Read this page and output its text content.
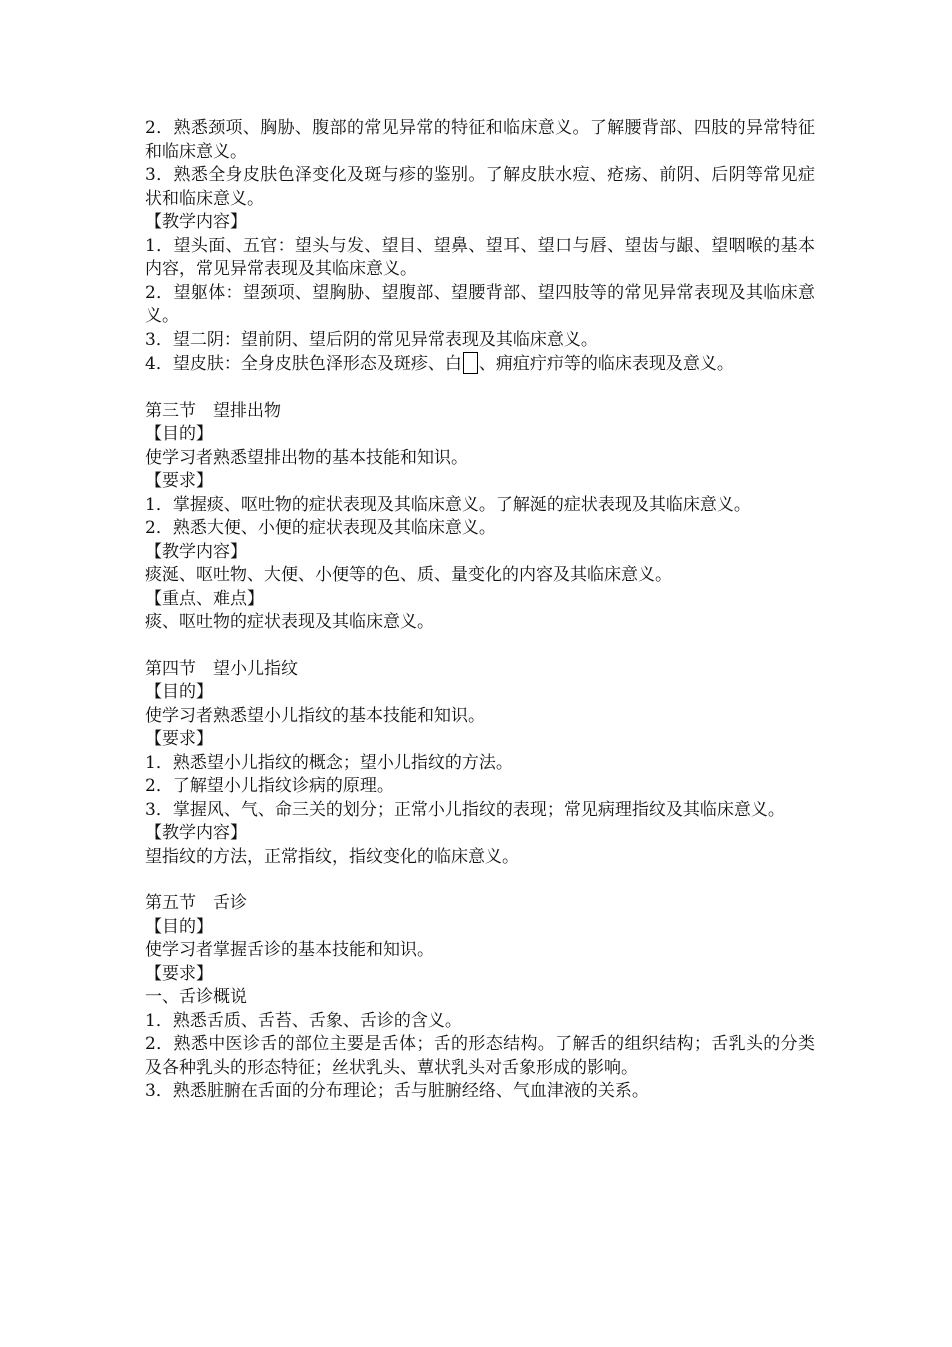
2．熟悉颈项、胸胁、腹部的常见异常的特征和临床意义。了解腰背部、四肢的异常特征和临床意义。
3．熟悉全身皮肤色泽变化及斑与疹的鉴别。了解皮肤水痘、疮疡、前阴、后阴等常见症状和临床意义。
【教学内容】
1．望头面、五官：望头与发、望目、望鼻、望耳、望口与唇、望齿与龈、望咽喉的基本内容，常见异常表现及其临床意义。
2．望躯体：望颈项、望胸胁、望腹部、望腰背部、望四肢等的常见异常表现及其临床意义。
3．望二阴：望前阴、望后阴的常见异常表现及其临床意义。
4．望皮肤：全身皮肤色泽形态及斑疹、白 、痈疽疔疖等的临床表现及意义。
第三节　望排出物
【目的】
使学习者熟悉望排出物的基本技能和知识。
【要求】
1．掌握痰、呕吐物的症状表现及其临床意义。了解涎的症状表现及其临床意义。
2．熟悉大便、小便的症状表现及其临床意义。
【教学内容】
痰涎、呕吐物、大便、小便等的色、质、量变化的内容及其临床意义。
【重点、难点】
痰、呕吐物的症状表现及其临床意义。
第四节　望小儿指纹
【目的】
使学习者熟悉望小儿指纹的基本技能和知识。
【要求】
1．熟悉望小儿指纹的概念；望小儿指纹的方法。
2．了解望小儿指纹诊病的原理。
3．掌握风、气、命三关的划分；正常小儿指纹的表现；常见病理指纹及其临床意义。
【教学内容】
望指纹的方法，正常指纹，指纹变化的临床意义。
第五节　舌诊
【目的】
使学习者掌握舌诊的基本技能和知识。
【要求】
一、舌诊概说
1．熟悉舌质、舌苔、舌象、舌诊的含义。
2．熟悉中医诊舌的部位主要是舌体；舌的形态结构。了解舌的组织结构；舌乳头的分类及各种乳头的形态特征；丝状乳头、蕈状乳头对舌象形成的影响。
3．熟悉脏腑在舌面的分布理论；舌与脏腑经络、气血津液的关系。
